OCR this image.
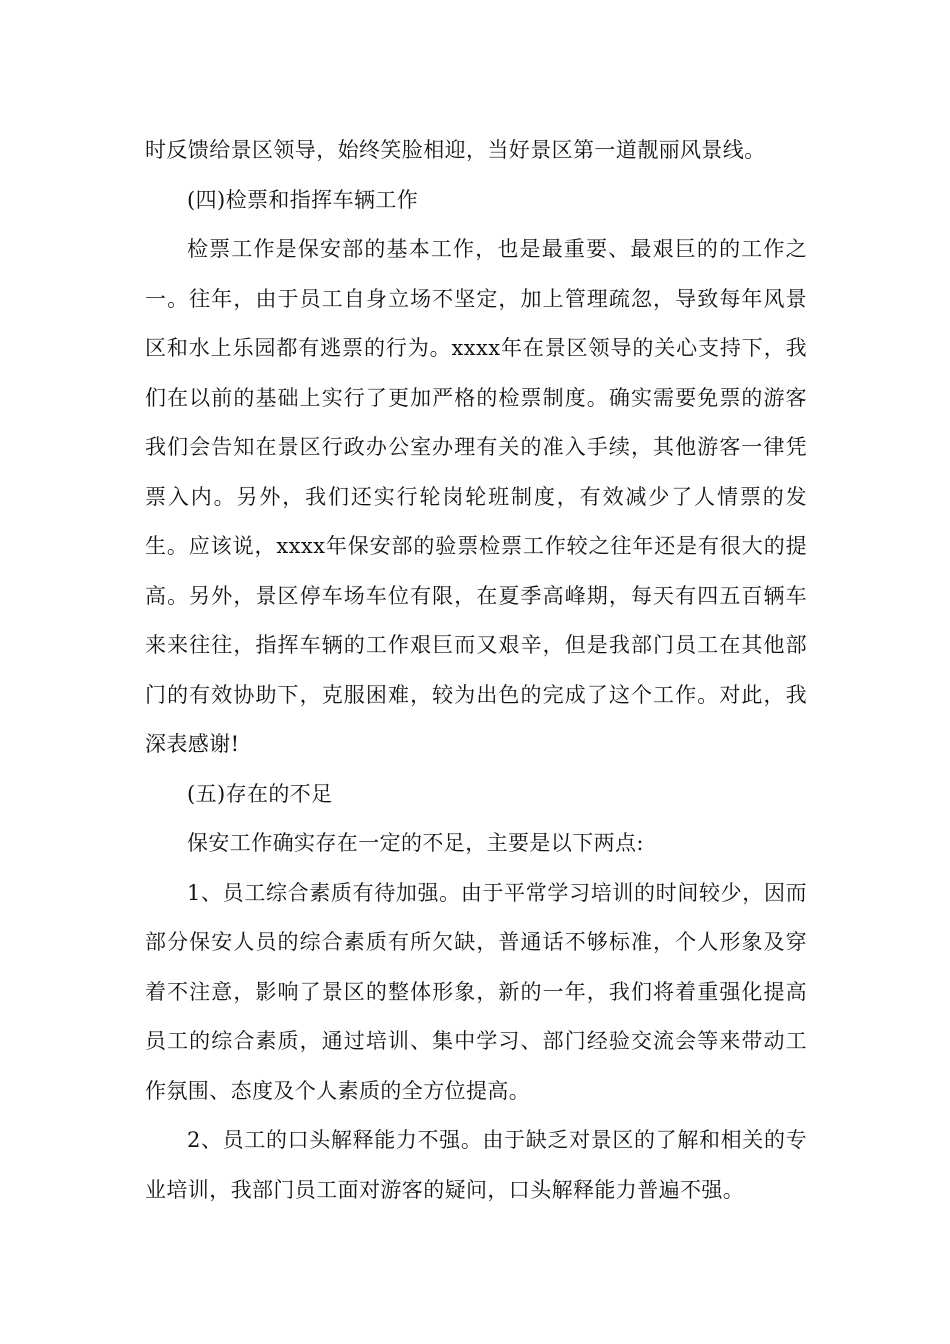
时反馈给景区领导，始终笑脸相迎，当好景区第一道靓丽风景线。

(四)检票和指挥车辆工作

检票工作是保安部的基本工作，也是最重要、最艰巨的的工作之一。往年，由于员工自身立场不坚定，加上管理疏忽，导致每年风景区和水上乐园都有逃票的行为。xxxx年在景区领导的关心支持下，我们在以前的基础上实行了更加严格的检票制度。确实需要免票的游客我们会告知在景区行政办公室办理有关的准入手续，其他游客一律凭票入内。另外，我们还实行轮岗轮班制度，有效减少了人情票的发生。应该说，xxxx年保安部的验票检票工作较之往年还是有很大的提高。另外，景区停车场车位有限，在夏季高峰期，每天有四五百辆车来来往往，指挥车辆的工作艰巨而又艰辛，但是我部门员工在其他部门的有效协助下，克服困难，较为出色的完成了这个工作。对此，我深表感谢!

(五)存在的不足

保安工作确实存在一定的不足，主要是以下两点:

1、员工综合素质有待加强。由于平常学习培训的时间较少，因而部分保安人员的综合素质有所欠缺，普通话不够标准，个人形象及穿着不注意，影响了景区的整体形象，新的一年，我们将着重强化提高员工的综合素质，通过培训、集中学习、部门经验交流会等来带动工作氛围、态度及个人素质的全方位提高。

2、员工的口头解释能力不强。由于缺乏对景区的了解和相关的专业培训，我部门员工面对游客的疑问，口头解释能力普遍不强。
